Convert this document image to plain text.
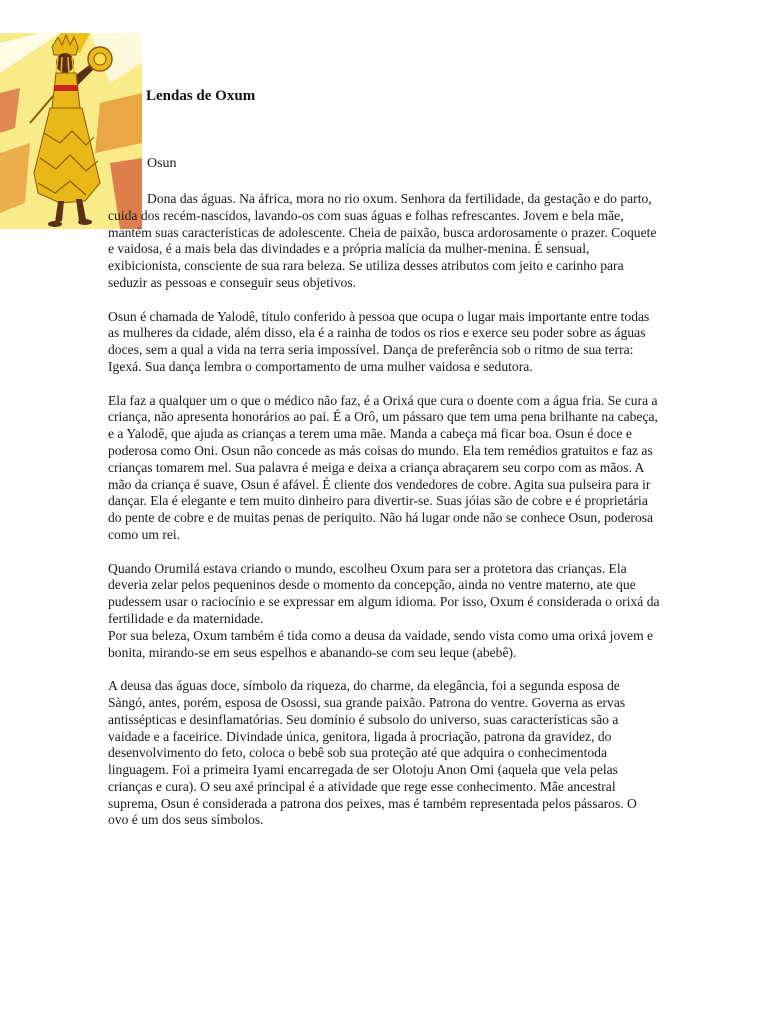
Lendas de Oxum

Osun

Dona das águas. Na áfrica, mora no rio oxum. Senhora da fertilidade, da gestação e do parto, cuida dos recém-nascidos, lavando-os com suas águas e folhas refrescantes. Jovem e bela mãe, mantém suas características de adolescente. Cheia de paixão, busca ardorosamente o prazer. Coquete e vaidosa, é a mais bela das divindades e a própria malícia da mulher-menina. É sensual, exibicionista, consciente de sua rara beleza. Se utiliza desses atributos com jeito e carinho para seduzir as pessoas e conseguir seus objetivos.

Osun é chamada de Yalodê, título conferido à pessoa que ocupa o lugar mais importante entre todas as mulheres da cidade, além disso, ela é a rainha de todos os rios e exerce seu poder sobre as águas doces, sem a qual a vida na terra seria impossível. Dança de preferência sob o ritmo de sua terra: Igexá. Sua dança lembra o comportamento de uma mulher vaidosa e sedutora.

Ela faz a qualquer um o que o médico não faz, é a Orixá que cura o doente com a água fria. Se cura a criança, não apresenta honorários ao pai. É a Orô, um pássaro que tem uma pena brilhante na cabeça, e a Yalodê, que ajuda as crianças a terem uma mãe. Manda a cabeça má ficar boa. Osun é doce e poderosa como Oni. Osun não concede as más coisas do mundo. Ela tem remédios gratuitos e faz as crianças tomarem mel. Sua palavra é meiga e deixa a criança abraçarem seu corpo com as mãos. A mão da criança é suave, Osun é afável. É cliente dos vendedores de cobre. Agita sua pulseira para ir dançar. Ela é elegante e tem muito dinheiro para divertir-se. Suas jóias são de cobre e é proprietária do pente de cobre e de muitas penas de periquito. Não há lugar onde não se conhece Osun, poderosa como um rei.

Quando Orumilá estava criando o mundo, escolheu Oxum para ser a protetora das crianças. Ela deveria zelar pelos pequeninos desde o momento da concepção, ainda no ventre materno, ate que pudessem usar o raciocínio e se expressar em algum idioma. Por isso, Oxum é considerada o orixá da fertilidade e da maternidade.

Por sua beleza, Oxum também é tida como a deusa da vaidade, sendo vista como uma orixá jovem e bonita, mirando-se em seus espelhos e abanando-se com seu leque (abebê).

A deusa das águas doce, símbolo da riqueza, do charme, da elegância, foi a segunda esposa de Sàngó, antes, porém, esposa de Osossi, sua grande paixão. Patrona do ventre. Governa as ervas antissépticas e desinflamatórias. Seu domínio é subsolo do universo, suas características são a vaidade e a faceirice. Divindade única, genitora, ligada à procriação, patrona da gravidez, do desenvolvimento do feto, coloca o bebê sob sua proteção até que adquira o conhecimentoda linguagem. Foi a primeira Iyami encarregada de ser Olotoju Anon Omi (aquela que vela pelas crianças e cura). O seu axé principal é a atividade que rege esse conhecimento. Mãe ancestral suprema, Osun é considerada a patrona dos peixes, mas é também representada pelos pássaros. O ovo é um dos seus símbolos.
